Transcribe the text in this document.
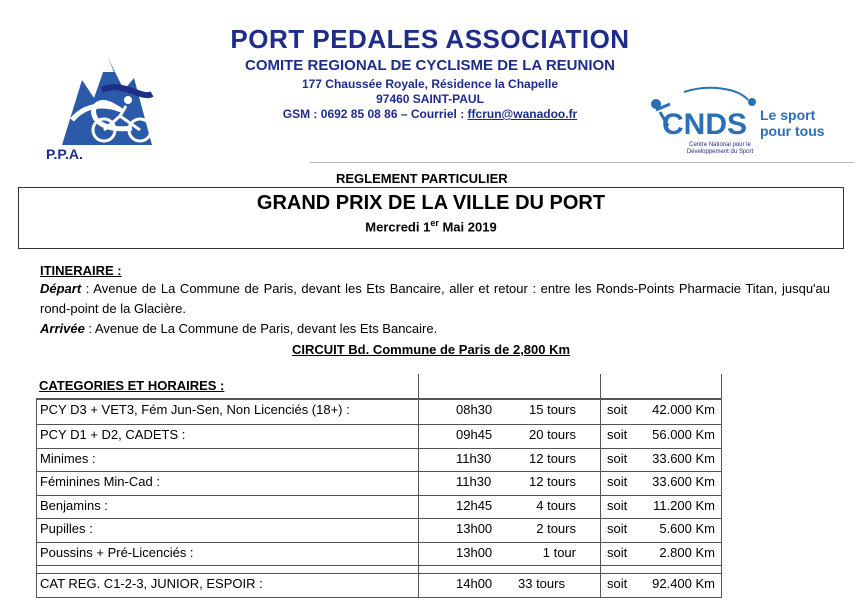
P.P.A.
PORT PEDALES ASSOCIATION
COMITE REGIONAL DE CYCLISME DE LA REUNION
177 Chaussée Royale, Résidence la Chapelle
97460 SAINT-PAUL
GSM : 0692 85 08 86 – Courriel : ffcrun@wanadoo.fr	CNDS Le sport
pour tous
Centre National pour le Développement du Sport
REGLEMENT PARTICULIER
GRAND PRIX DE LA VILLE DU PORT
Mercredi 1er Mai 2019
ITINERAIRE :
Départ : Avenue de La Commune de Paris, devant les Ets Bancaire, aller et retour : entre les Ronds-Points Pharmacie Titan, jusqu'au rond-point de la Glacière.
Arrivée : Avenue de La Commune de Paris, devant les Ets Bancaire.
CIRCUIT Bd. Commune de Paris de 2,800 Km
CATEGORIES ET HORAIRES :
PCY D3 + VET3, Fém Jun-Sen, Non Licenciés (18+) :	08h30	15 tours	soit 42.000 Km
PCY D1 + D2, CADETS :	09h45	20 tours	soit 56.000 Km
Minimes :	11h30	12 tours	soit 33.600 Km
Féminines Min-Cad :	11h30	12 tours	soit 33.600 Km
Benjamins :	12h45	4 tours	soit 11.200 Km
Pupilles :	13h00	2 tours	soit 5.600 Km
Poussins + Pré-Licenciés :	13h00	1 tour	soit 2.800 Km
CAT REG. C1-2-3, JUNIOR, ESPOIR :	14h00 33 tours	soit 92.400 Km
